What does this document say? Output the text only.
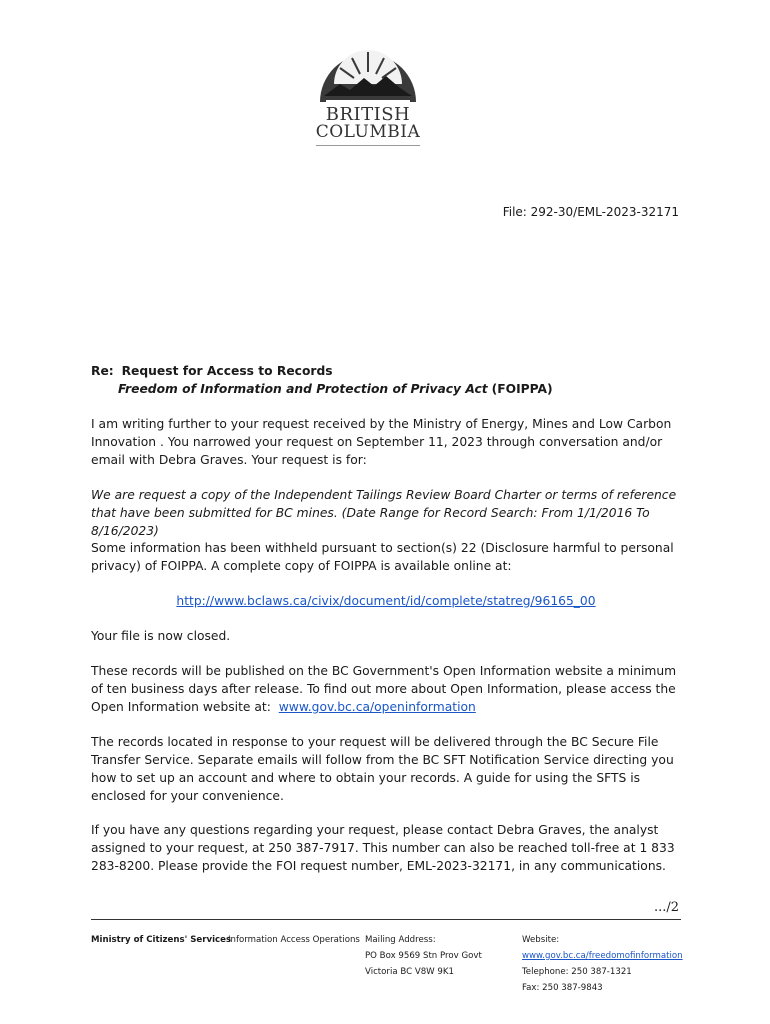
BRITISH
COLUMBIA
File: 292-30/EML-2023-32171
Re: Request for Access to Records
Freedom of Information and Protection of Privacy Act (FOIPPA)
I am writing further to your request received by the Ministry of Energy, Mines and Low Carbon Innovation . You narrowed your request on September 11, 2023 through conversation and/or email with Debra Graves. Your request is for:
We are request a copy of the Independent Tailings Review Board Charter or terms of reference that have been submitted for BC mines. (Date Range for Record Search: From 1/1/2016 To 8/16/2023)
Some information has been withheld pursuant to section(s) 22 (Disclosure harmful to personal privacy) of FOIPPA. A complete copy of FOIPPA is available online at:
http://www.bclaws.ca/civix/document/id/complete/statreg/96165_00
Your file is now closed.
These records will be published on the BC Government's Open Information website a minimum of ten business days after release. To find out more about Open Information, please access the Open Information website at: www.gov.bc.ca/openinformation
The records located in response to your request will be delivered through the BC Secure File Transfer Service. Separate emails will follow from the BC SFT Notification Service directing you how to set up an account and where to obtain your records. A guide for using the SFTS is enclosed for your convenience.
If you have any questions regarding your request, please contact Debra Graves, the analyst assigned to your request, at 250 387-7917. This number can also be reached toll-free at 1 833 283-8200. Please provide the FOI request number, EML-2023-32171, in any communications.
.../2
Ministry of Citizens' Services
Information Access Operations Mailing Address:
PO Box 9569 Stn Prov Govt
Victoria BC V8W 9K1
Website:
www.gov.bc.ca/freedomofinformation
Telephone: 250 387-1321
Fax: 250 387-9843
